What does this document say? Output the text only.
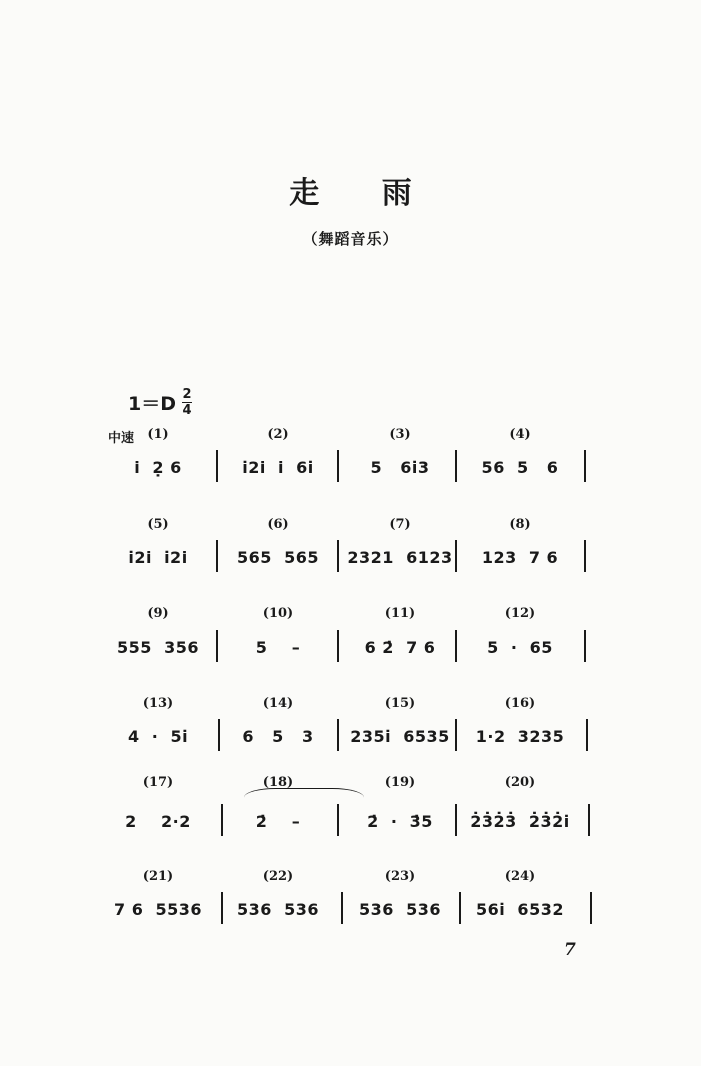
走 雨
（舞蹈音乐）
$1=D \frac{2}{4}$
中速 (1)
i  2̣ 6
(2)
i̇2i  i  6i̇
(3)
5   6i̇3
(4)
56  5   6
(5)
i̇2i  i̇2i
(6)
565  565
(7)
2321  6123
(8)
123  7 6
(9)
555  356
(10)
5    –
(11)
6 2̇  7 6
(12)
5  ·  65
(13)
4  ·  5i̇
(14)
6   5   3
(15)
235i̇  6535
(16)
1·2  3235
(17)
2    2·2
(18)
2̇    –
(19)
2̇  ·  3̇5
(20)
2̇3̇2̇3̇  2̇3̇2̇i̇
(21)
7 6  5536
(22)
536  536
(23)
536  536
(24)
56i̇  6532
7
